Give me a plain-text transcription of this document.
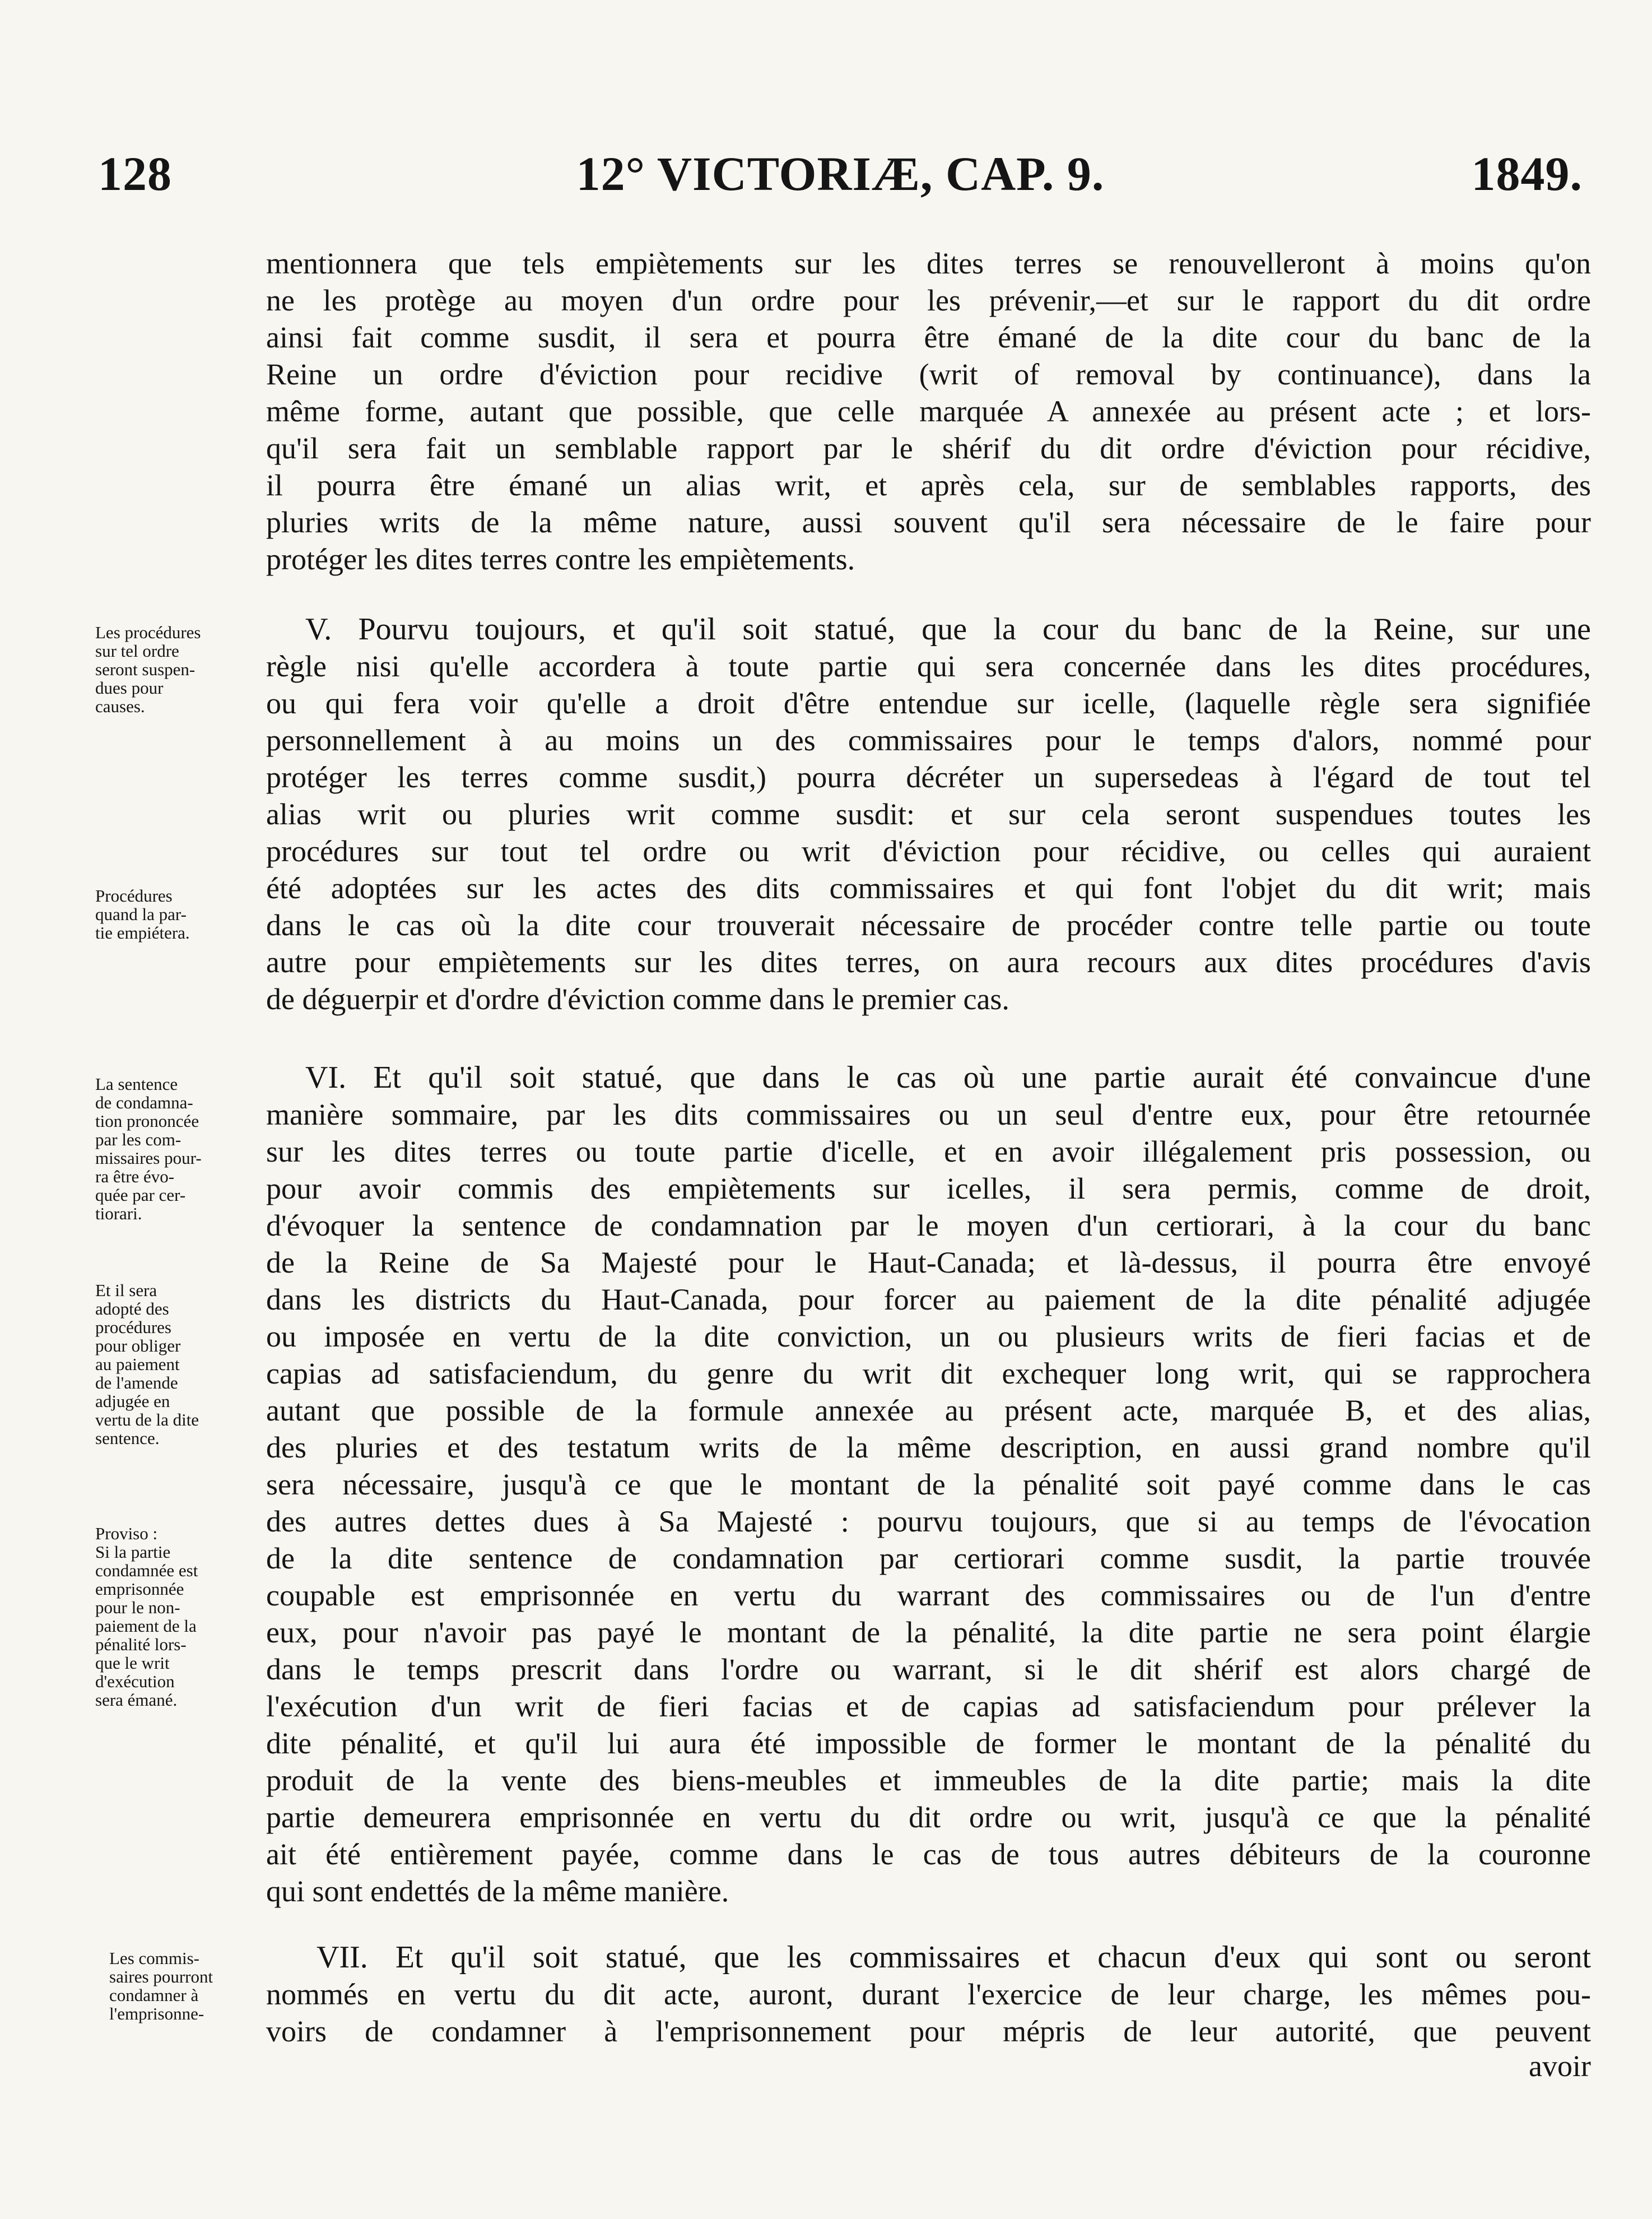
128	12° VICTORIÆ, CAP. 9.	1849.
mentionnera que tels empiètements sur les dites terres se renouvelleront à moins qu'on
ne les protège au moyen d'un ordre pour les prévenir,—et sur le rapport du dit ordre
ainsi fait comme susdit, il sera et pourra être émané de la dite cour du banc de la
Reine un ordre d'éviction pour recidive (writ of removal by continuance), dans la
même forme, autant que possible, que celle marquée A annexée au présent acte ; et lors-
qu'il sera fait un semblable rapport par le shérif du dit ordre d'éviction pour récidive,
il pourra être émané un alias writ, et après cela, sur de semblables rapports, des
pluries writs de la même nature, aussi souvent qu'il sera nécessaire de le faire pour
protéger les dites terres contre les empiètements.
V. Pourvu toujours, et qu'il soit statué, que la cour du banc de la Reine, sur une
règle nisi qu'elle accordera à toute partie qui sera concernée dans les dites procédures,
ou qui fera voir qu'elle a droit d'être entendue sur icelle, (laquelle règle sera signifiée
personnellement à au moins un des commissaires pour le temps d'alors, nommé pour
protéger les terres comme susdit,) pourra décréter un supersedeas à l'égard de tout tel
alias writ ou pluries writ comme susdit: et sur cela seront suspendues toutes les
procédures sur tout tel ordre ou writ d'éviction pour récidive, ou celles qui auraient
été adoptées sur les actes des dits commissaires et qui font l'objet du dit writ; mais
dans le cas où la dite cour trouverait nécessaire de procéder contre telle partie ou toute
autre pour empiètements sur les dites terres, on aura recours aux dites procédures d'avis
de déguerpir et d'ordre d'éviction comme dans le premier cas.
VI. Et qu'il soit statué, que dans le cas où une partie aurait été convaincue d'une
manière sommaire, par les dits commissaires ou un seul d'entre eux, pour être retournée
sur les dites terres ou toute partie d'icelle, et en avoir illégalement pris possession, ou
pour avoir commis des empiètements sur icelles, il sera permis, comme de droit,
d'évoquer la sentence de condamnation par le moyen d'un certiorari, à la cour du banc
de la Reine de Sa Majesté pour le Haut-Canada; et là-dessus, il pourra être envoyé
dans les districts du Haut-Canada, pour forcer au paiement de la dite pénalité adjugée
ou imposée en vertu de la dite conviction, un ou plusieurs writs de fieri facias et de
capias ad satisfaciendum, du genre du writ dit exchequer long writ, qui se rapprochera
autant que possible de la formule annexée au présent acte, marquée B, et des alias,
des pluries et des testatum writs de la même description, en aussi grand nombre qu'il
sera nécessaire, jusqu'à ce que le montant de la pénalité soit payé comme dans le cas
des autres dettes dues à Sa Majesté : pourvu toujours, que si au temps de l'évocation
de la dite sentence de condamnation par certiorari comme susdit, la partie trouvée
coupable est emprisonnée en vertu du warrant des commissaires ou de l'un d'entre
eux, pour n'avoir pas payé le montant de la pénalité, la dite partie ne sera point élargie
dans le temps prescrit dans l'ordre ou warrant, si le dit shérif est alors chargé de
l'exécution d'un writ de fieri facias et de capias ad satisfaciendum pour prélever la
dite pénalité, et qu'il lui aura été impossible de former le montant de la pénalité du
produit de la vente des biens-meubles et immeubles de la dite partie; mais la dite
partie demeurera emprisonnée en vertu du dit ordre ou writ, jusqu'à ce que la pénalité
ait été entièrement payée, comme dans le cas de tous autres débiteurs de la couronne
qui sont endettés de la même manière.
VII. Et qu'il soit statué, que les commissaires et chacun d'eux qui sont ou seront
nommés en vertu du dit acte, auront, durant l'exercice de leur charge, les mêmes pou-
voirs de condamner à l'emprisonnement pour mépris de leur autorité, que peuvent
avoir
Les procédures
sur tel ordre
seront suspen-
dues pour
causes.
Procédures
quand la par-
tie empiétera.
La sentence
de condamna-
tion prononcée
par les com-
missaires pour-
ra être évo-
quée par cer-
tiorari.
Et il sera
adopté des
procédures
pour obliger
au paiement
de l'amende
adjugée en
vertu de la dite
sentence.
Proviso :
Si la partie
condamnée est
emprisonnée
pour le non-
paiement de la
pénalité lors-
que le writ
d'exécution
sera émané.
Les commis-
saires pourront
condamner à
l'emprisonne-
